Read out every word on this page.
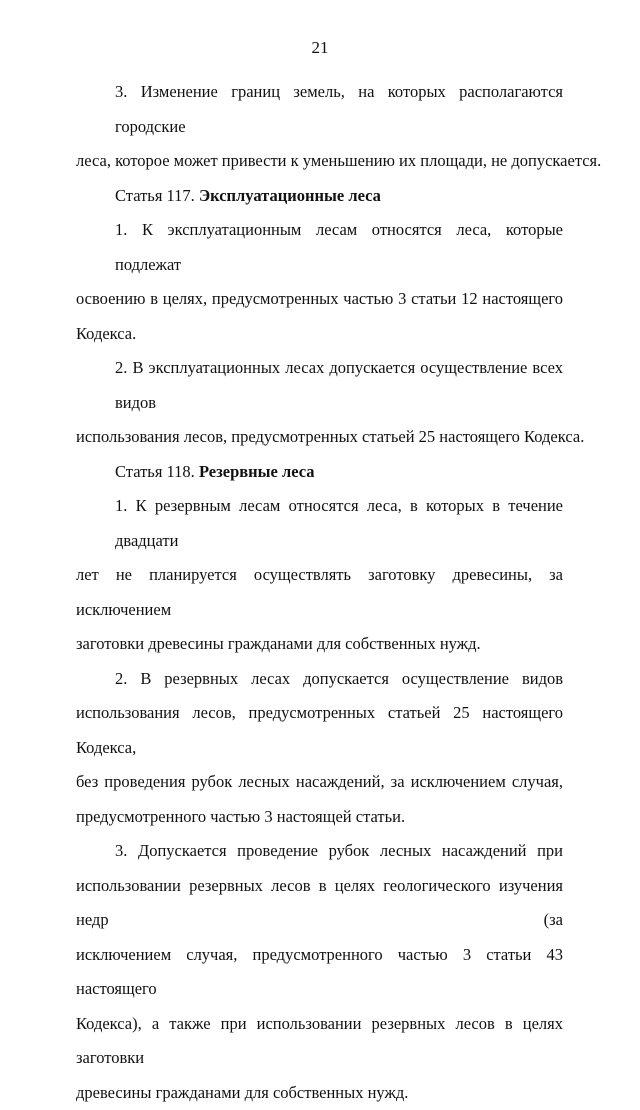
21
3. Изменение границ земель, на которых располагаются городские
леса, которое может привести к уменьшению их площади, не допускается.
Статья 117. Эксплуатационные леса
1. К эксплуатационным лесам относятся леса, которые подлежат
освоению в целях, предусмотренных частью 3 статьи 12 настоящего
Кодекса.
2. В эксплуатационных лесах допускается осуществление всех видов
использования лесов, предусмотренных статьей 25 настоящего Кодекса.
Статья 118. Резервные леса
1. К резервным лесам относятся леса, в которых в течение двадцати
лет не планируется осуществлять заготовку древесины, за исключением
заготовки древесины гражданами для собственных нужд.
2. В резервных лесах допускается осуществление видов
использования лесов, предусмотренных статьей 25 настоящего Кодекса,
без проведения рубок лесных насаждений, за исключением случая,
предусмотренного частью 3 настоящей статьи.
3. Допускается проведение рубок лесных насаждений при
использовании резервных лесов в целях геологического изучения недр (за
исключением случая, предусмотренного частью 3 статьи 43 настоящего
Кодекса), а также при использовании резервных лесов в целях заготовки
древесины гражданами для собственных нужд.
